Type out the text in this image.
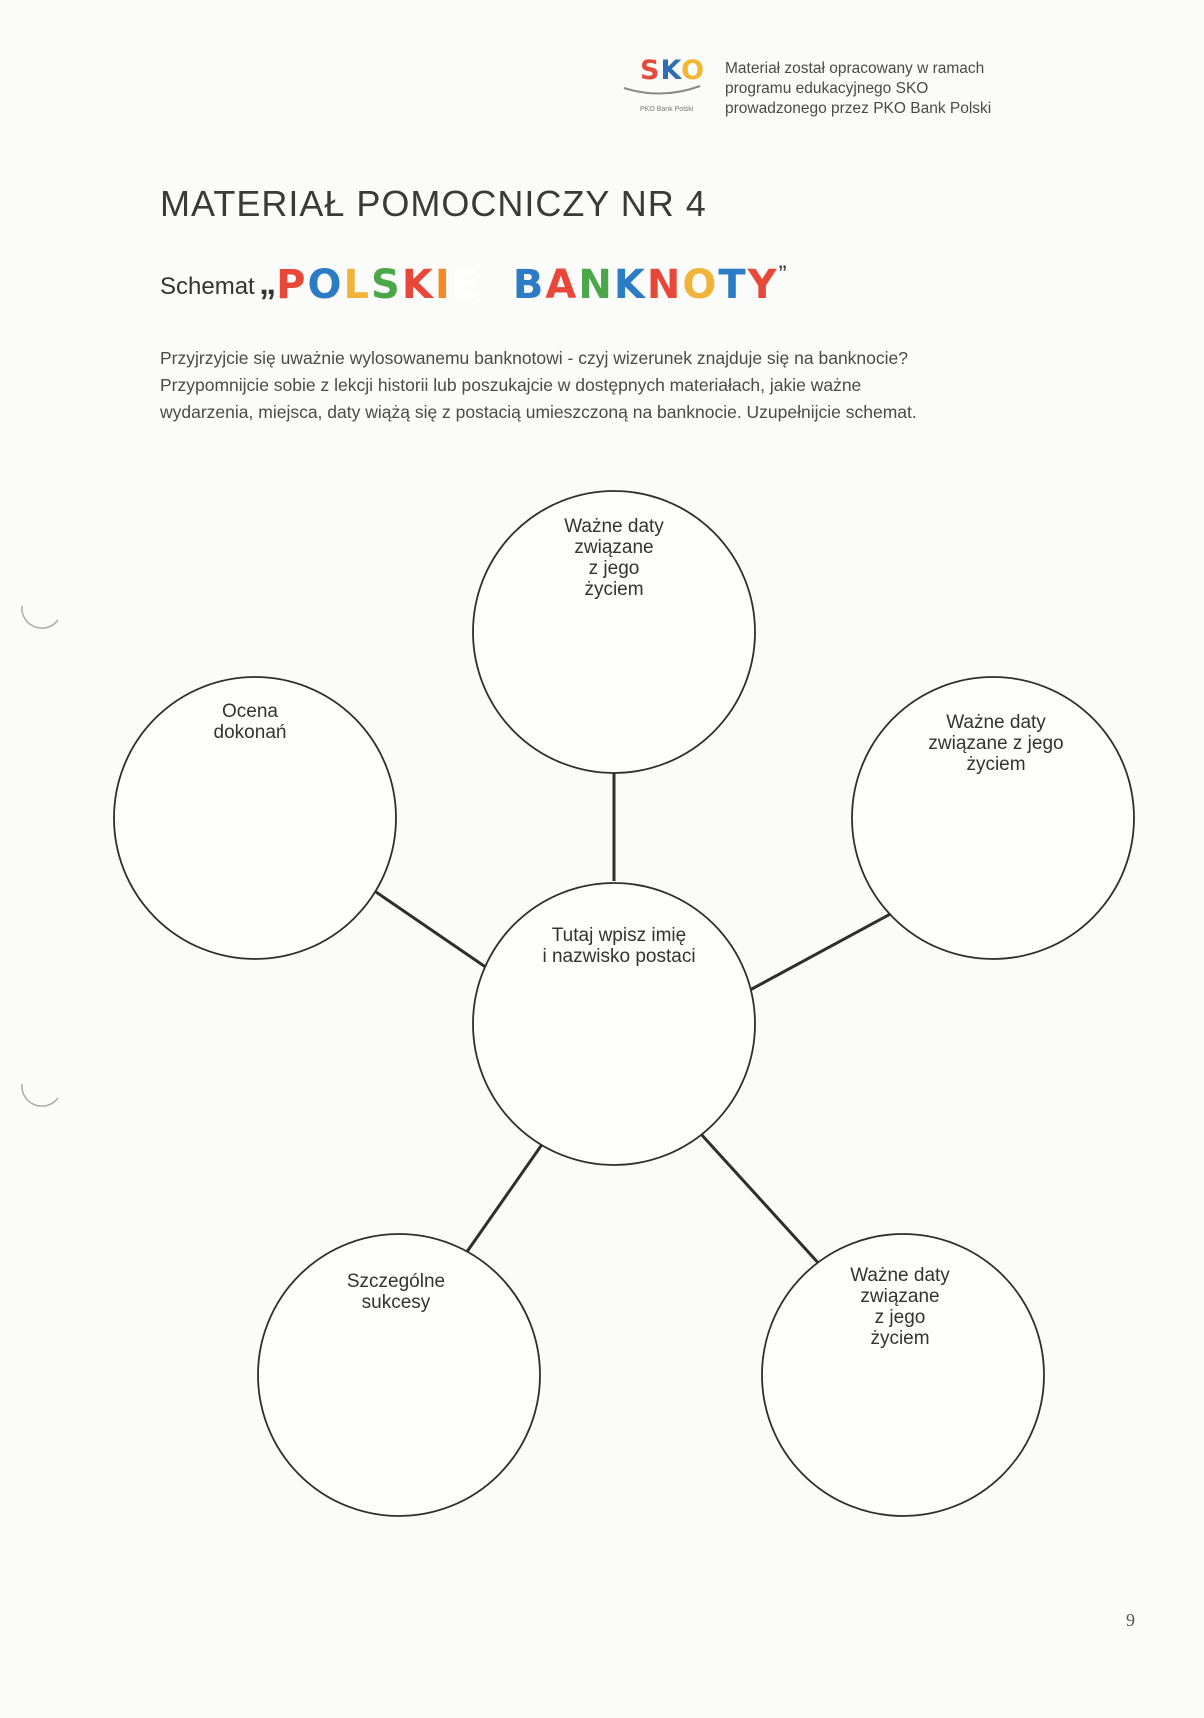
SKO
PKO Bank Polski
Materiał został opracowany w ramach
programu edukacyjnego SKO
prowadzonego przez PKO Bank Polski
MATERIAŁ POMOCNICZY NR 4
Schemat „POLSKIE BANKNOTY”
Przyjrzyjcie się uważnie wylosowanemu banknotowi - czyj wizerunek znajduje się na banknocie?
Przypomnijcie sobie z lekcji historii lub poszukajcie w dostępnych materiałach, jakie ważne
wydarzenia, miejsca, daty wiążą się z postacią umieszczoną na banknocie. Uzupełnijcie schemat.
Ważne daty
związane
z jego
życiem
Ocena
dokonań	Ważne daty
związane z jego
życiem
Tutaj wpisz imię
i nazwisko postaci
Szczególne
sukcesy
Ważne daty
związane
z jego
życiem
9
